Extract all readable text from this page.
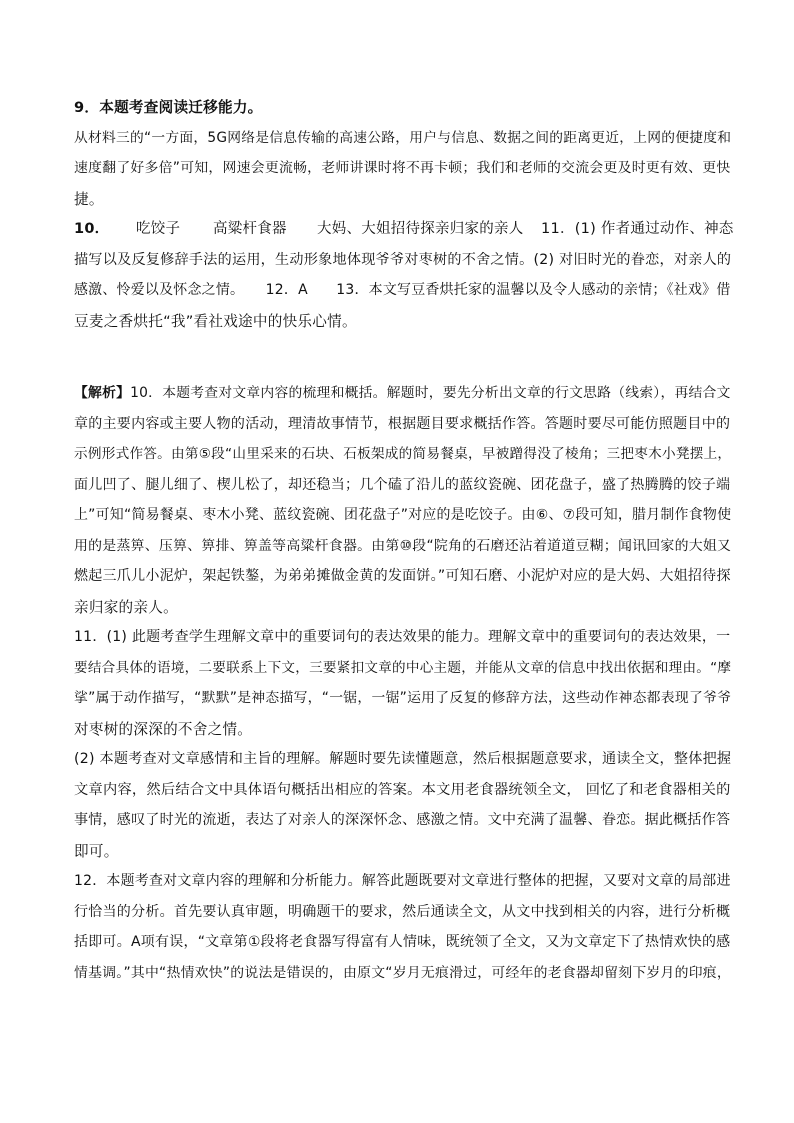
9．本题考查阅读迁移能力。
从材料三的“一方面，5G网络是信息传输的高速公路，用户与信息、数据之间的距离更近，上网的便捷度和
速度翻了好多倍”可知，网速会更流畅，老师讲课时将不再卡顿；我们和老师的交流会更及时更有效、更快
捷。
10． 吃饺子 高粱杆食器 大妈、大姐招待探亲归家的亲人 11．(1) 作者通过动作、神态
描写以及反复修辞手法的运用，生动形象地体现爷爷对枣树的不舍之情。(2) 对旧时光的眷恋，对亲人的
感激、怜爱以及怀念之情。　　12．A　　13．本文写豆香烘托家的温馨以及令人感动的亲情；《社戏》借
豆麦之香烘托“我”看社戏途中的快乐心情。
【解析】10．本题考查对文章内容的梳理和概括。解题时，要先分析出文章的行文思路（线索），再结合文
章的主要内容或主要人物的活动，理清故事情节，根据题目要求概括作答。答题时要尽可能仿照题目中的
示例形式作答。由第⑤段“山里采来的石块、石板架成的简易餐桌，早被蹭得没了棱角；三把枣木小凳摆上，
面儿凹了、腿儿细了、楔儿松了，却还稳当；几个磕了沿儿的蓝纹瓷碗、团花盘子，盛了热腾腾的饺子端
上”可知“简易餐桌、枣木小凳、蓝纹瓷碗、团花盘子”对应的是吃饺子。由⑥、⑦段可知，腊月制作食物使
用的是蒸箅、压箅、箅排、箅盖等高粱杆食器。由第⑩段“院角的石磨还沾着道道豆糊；闻讯回家的大姐又
燃起三爪儿小泥炉，架起铁鏊，为弟弟摊做金黄的发面饼。”可知石磨、小泥炉对应的是大妈、大姐招待探
亲归家的亲人。
11．(1) 此题考查学生理解文章中的重要词句的表达效果的能力。理解文章中的重要词句的表达效果，一
要结合具体的语境，二要联系上下文，三要紧扣文章的中心主题，并能从文章的信息中找出依据和理由。“摩
挲”属于动作描写，“默默”是神态描写，“一锯，一锯”运用了反复的修辞方法，这些动作神态都表现了爷爷
对枣树的深深的不舍之情。
(2) 本题考查对文章感情和主旨的理解。解题时要先读懂题意，然后根据题意要求，通读全文，整体把握
文章内容，然后结合文中具体语句概括出相应的答案。本文用老食器统领全文， 回忆了和老食器相关的
事情，感叹了时光的流逝，表达了对亲人的深深怀念、感激之情。文中充满了温馨、眷恋。据此概括作答
即可。
12．本题考查对文章内容的理解和分析能力。解答此题既要对文章进行整体的把握，又要对文章的局部进
行恰当的分析。首先要认真审题，明确题干的要求，然后通读全文，从文中找到相关的内容，进行分析概
括即可。A项有误，“文章第①段将老食器写得富有人情味，既统领了全文，又为文章定下了热情欢快的感
情基调。”其中“热情欢快”的说法是错误的，由原文“岁月无痕滑过，可经年的老食器却留刻下岁月的印痕，
